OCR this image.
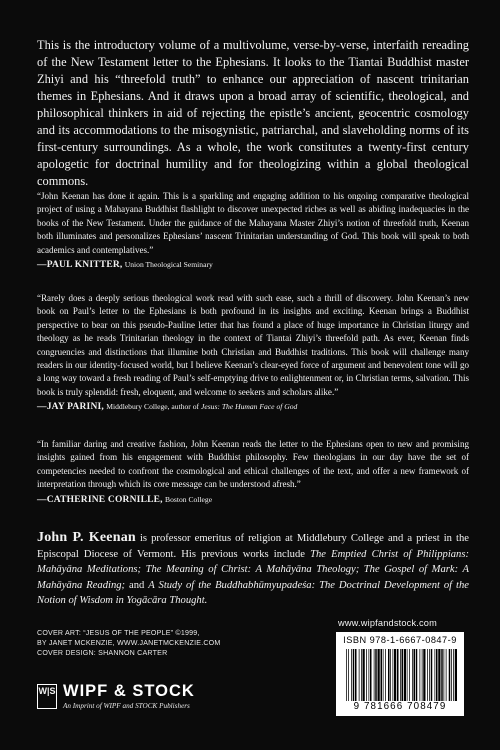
This is the introductory volume of a multivolume, verse-by-verse, interfaith rereading of the New Testament letter to the Ephesians. It looks to the Tiantai Buddhist master Zhiyi and his “threefold truth” to enhance our appreciation of nascent trinitarian themes in Ephesians. And it draws upon a broad array of scientific, theological, and philosophical thinkers in aid of rejecting the epistle’s ancient, geocentric cosmology and its accommodations to the misogynistic, patriarchal, and slaveholding norms of its first-century surroundings. As a whole, the work constitutes a twenty-first century apologetic for doctrinal humility and for theologizing within a global theological commons.

“John Keenan has done it again. This is a sparkling and engaging addition to his ongoing comparative theological project of using a Mahayana Buddhist flashlight to discover unexpected riches as well as abiding inadequacies in the books of the New Testament. Under the guidance of the Mahayana Master Zhiyi’s notion of threefold truth, Keenan both illuminates and personalizes Ephesians’ nascent Trinitarian understanding of God. This book will speak to both academics and contemplatives.”
—PAUL KNITTER, Union Theological Seminary

“Rarely does a deeply serious theological work read with such ease, such a thrill of discovery. John Keenan’s new book on Paul’s letter to the Ephesians is both profound in its insights and exciting. Keenan brings a Buddhist perspective to bear on this pseudo-Pauline letter that has found a place of huge importance in Christian liturgy and theology as he reads Trinitarian theology in the context of Tiantai Zhiyi’s threefold path. As ever, Keenan finds congruencies and distinctions that illumine both Christian and Buddhist traditions. This book will challenge many readers in our identity-focused world, but I believe Keenan’s clear-eyed force of argument and benevolent tone will go a long way toward a fresh reading of Paul’s self-emptying drive to enlightenment or, in Christian terms, salvation. This book is truly splendid: fresh, eloquent, and welcome to seekers and scholars alike.”
—JAY PARINI, Middlebury College, author of Jesus: The Human Face of God

“In familiar daring and creative fashion, John Keenan reads the letter to the Ephesians open to new and promising insights gained from his engagement with Buddhist philosophy. Few theologians in our day have the set of competencies needed to confront the cosmological and ethical challenges of the text, and offer a new framework of interpretation through which its core message can be understood afresh.”
—CATHERINE CORNILLE, Boston College

John P. Keenan is professor emeritus of religion at Middlebury College and a priest in the Episcopal Diocese of Vermont. His previous works include The Emptied Christ of Philippians: Mahāyāna Meditations; The Meaning of Christ: A Mahāyāna Theology; The Gospel of Mark: A Mahāyāna Reading; and A Study of the Buddhabhūmyupadeśa: The Doctrinal Development of the Notion of Wisdom in Yogācāra Thought.

COVER ART: “JESUS OF THE PEOPLE” ©1999,
BY JANET MCKENZIE, WWW.JANETMCKENZIE.COM
COVER DESIGN: SHANNON CARTER
W|S WIPF & STOCK
An Imprint of WIPF and STOCK Publishers
www.wipfandstock.com
ISBN 978-1-6667-0847-9
9 781666 708479
